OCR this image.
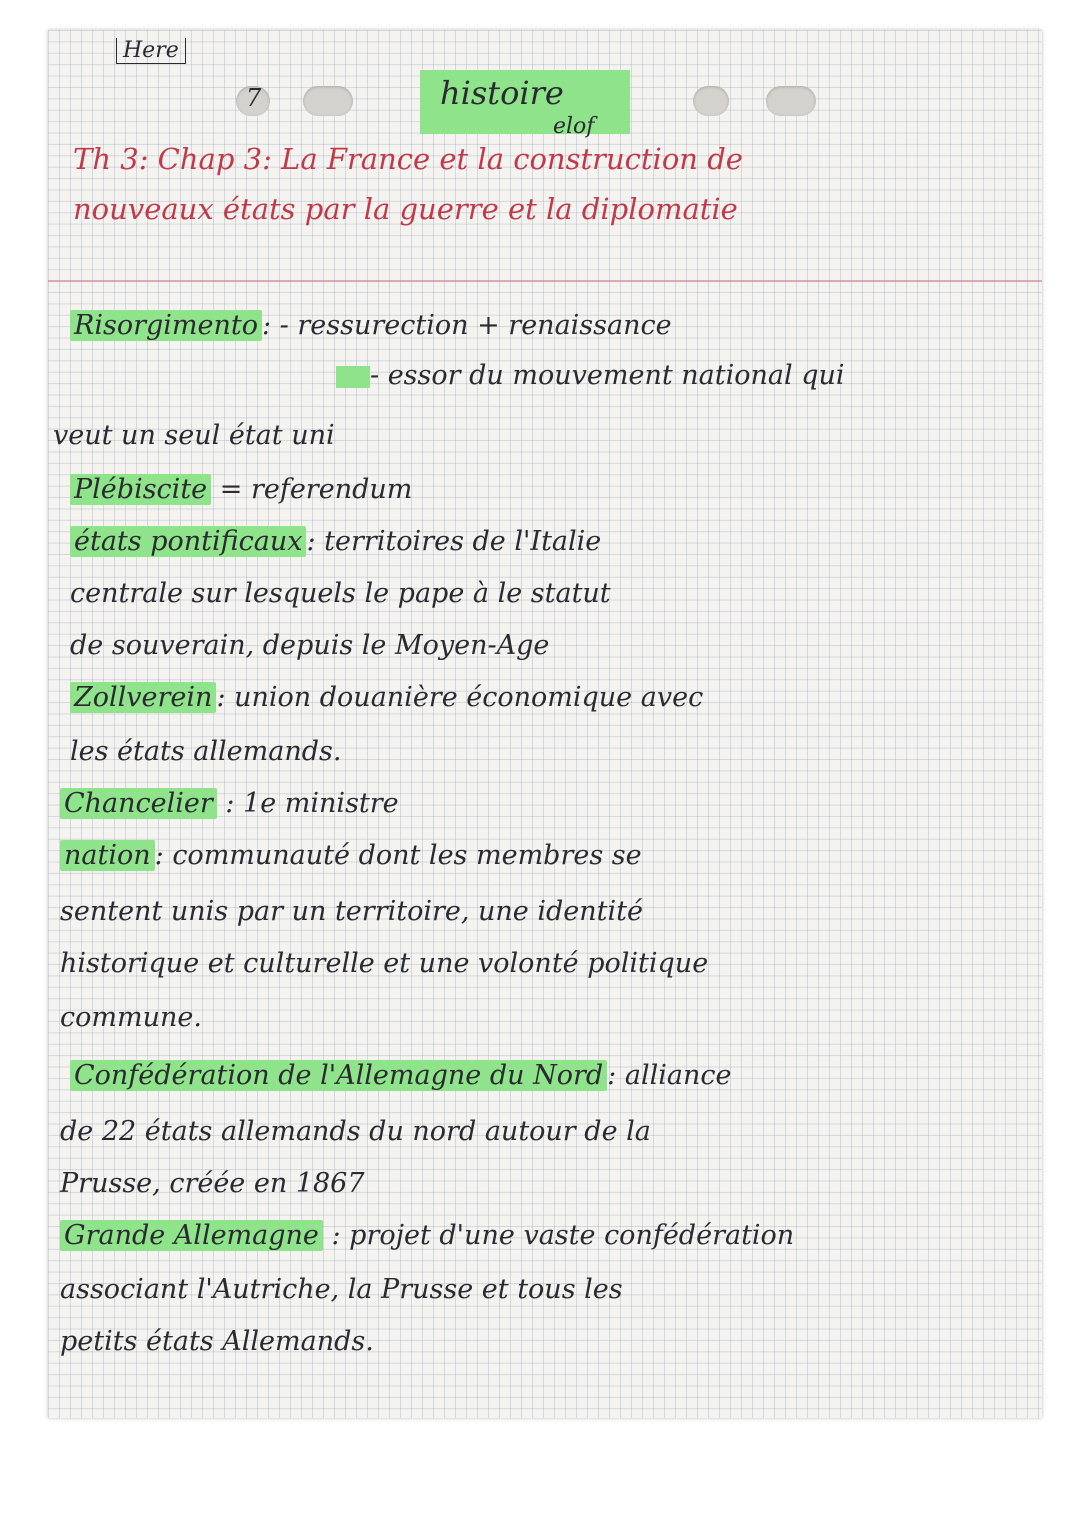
Here
7	histoire
elof
Th 3: Chap 3: La France et la construction de
nouveaux états par la guerre et la diplomatie
Risorgimento : - ressurection + renaissance
- essor du mouvement national qui
veut un seul état uni
Plébiscite = referendum
états pontificaux : territoires de l'Italie
centrale sur lesquels le pape à le statut
de souverain, depuis le Moyen-Age
Zollverein : union douanière économique avec
les états allemands.
Chancelier : 1e ministre
nation : communauté dont les membres se
sentent unis par un territoire, une identité
historique et culturelle et une volonté politique
commune.
Confédération de l'Allemagne du Nord : alliance
de 22 états allemands du nord autour de la
Prusse, créée en 1867
Grande Allemagne : projet d'une vaste confédération
associant l'Autriche, la Prusse et tous les
petits états Allemands.
